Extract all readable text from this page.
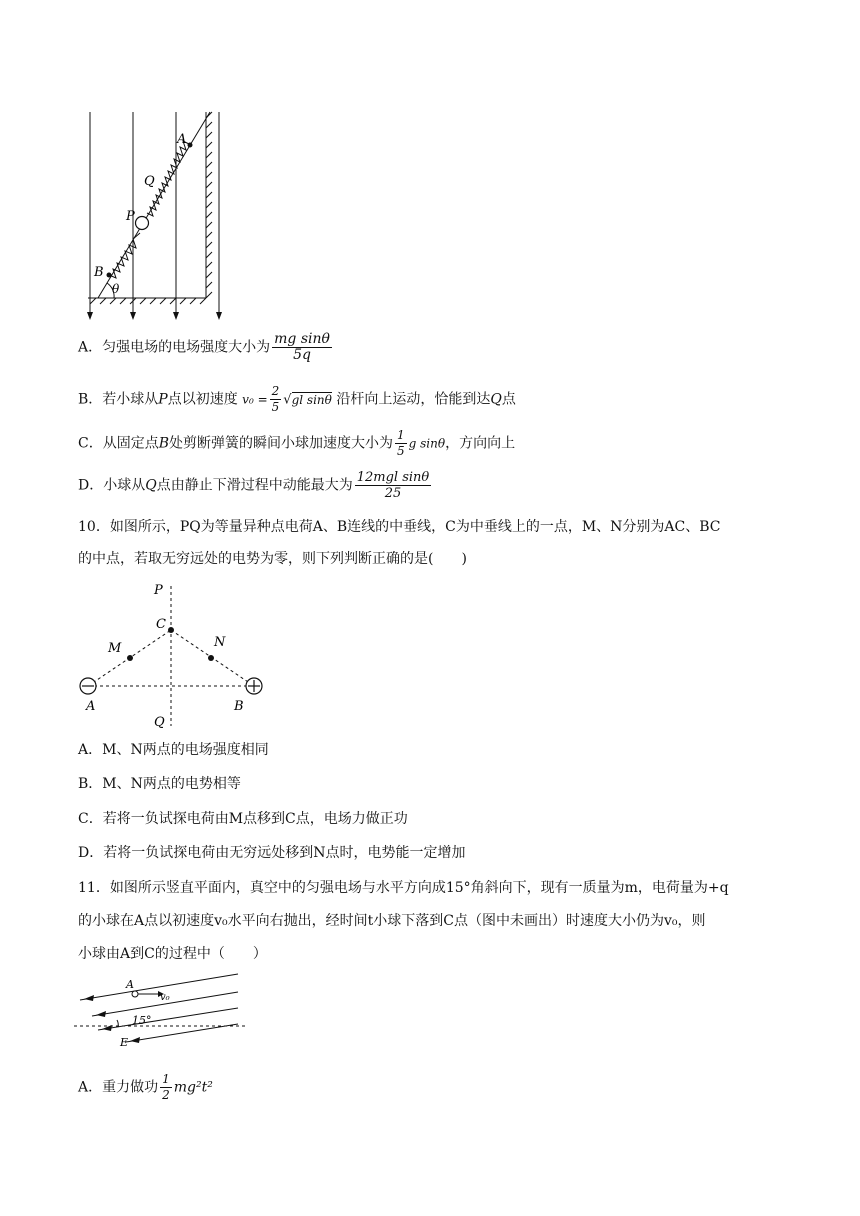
A
Q
P
B
θ
A．匀强电场的电场强度大小为 $\frac{\text{mg sinθ}}{5q}$
B．若小球从P点以初速度 $v_0 = \frac{2}{5} √gl$ sinθ 沿杆向上运动，恰能到达Q点
C．从固定点B处剪断弹簧的瞬间小球加速度大小为 $\frac{1}{5}$ g sinθ，方向向上
D．小球从Q点由静止下滑过程中动能最大为 $\frac{\text{12mgl sinθ}}{25}$
10．如图所示，PQ为等量异种点电荷A、B连线的中垂线，C为中垂线上的一点，M、N分别为AC、BC
的中点，若取无穷远处的电势为零，则下列判断正确的是(　　)
P
C
M	N
A	B
Q
A．M、N两点的电场强度相同
B．M、N两点的电势相等
C．若将一负试探电荷由M点移到C点，电场力做正功
D．若将一负试探电荷由无穷远处移到N点时，电势能一定增加
11．如图所示竖直平面内，真空中的匀强电场与水平方向成15°角斜向下，现有一质量为m，电荷量为+q
的小球在A点以初速度v₀水平向右抛出，经时间t小球下落到C点（图中未画出）时速度大小仍为v₀，则
小球由A到C的过程中（　　）
A
v₀
15°
E
A．重力做功 $\frac{1}{2} mg^2t^2$
